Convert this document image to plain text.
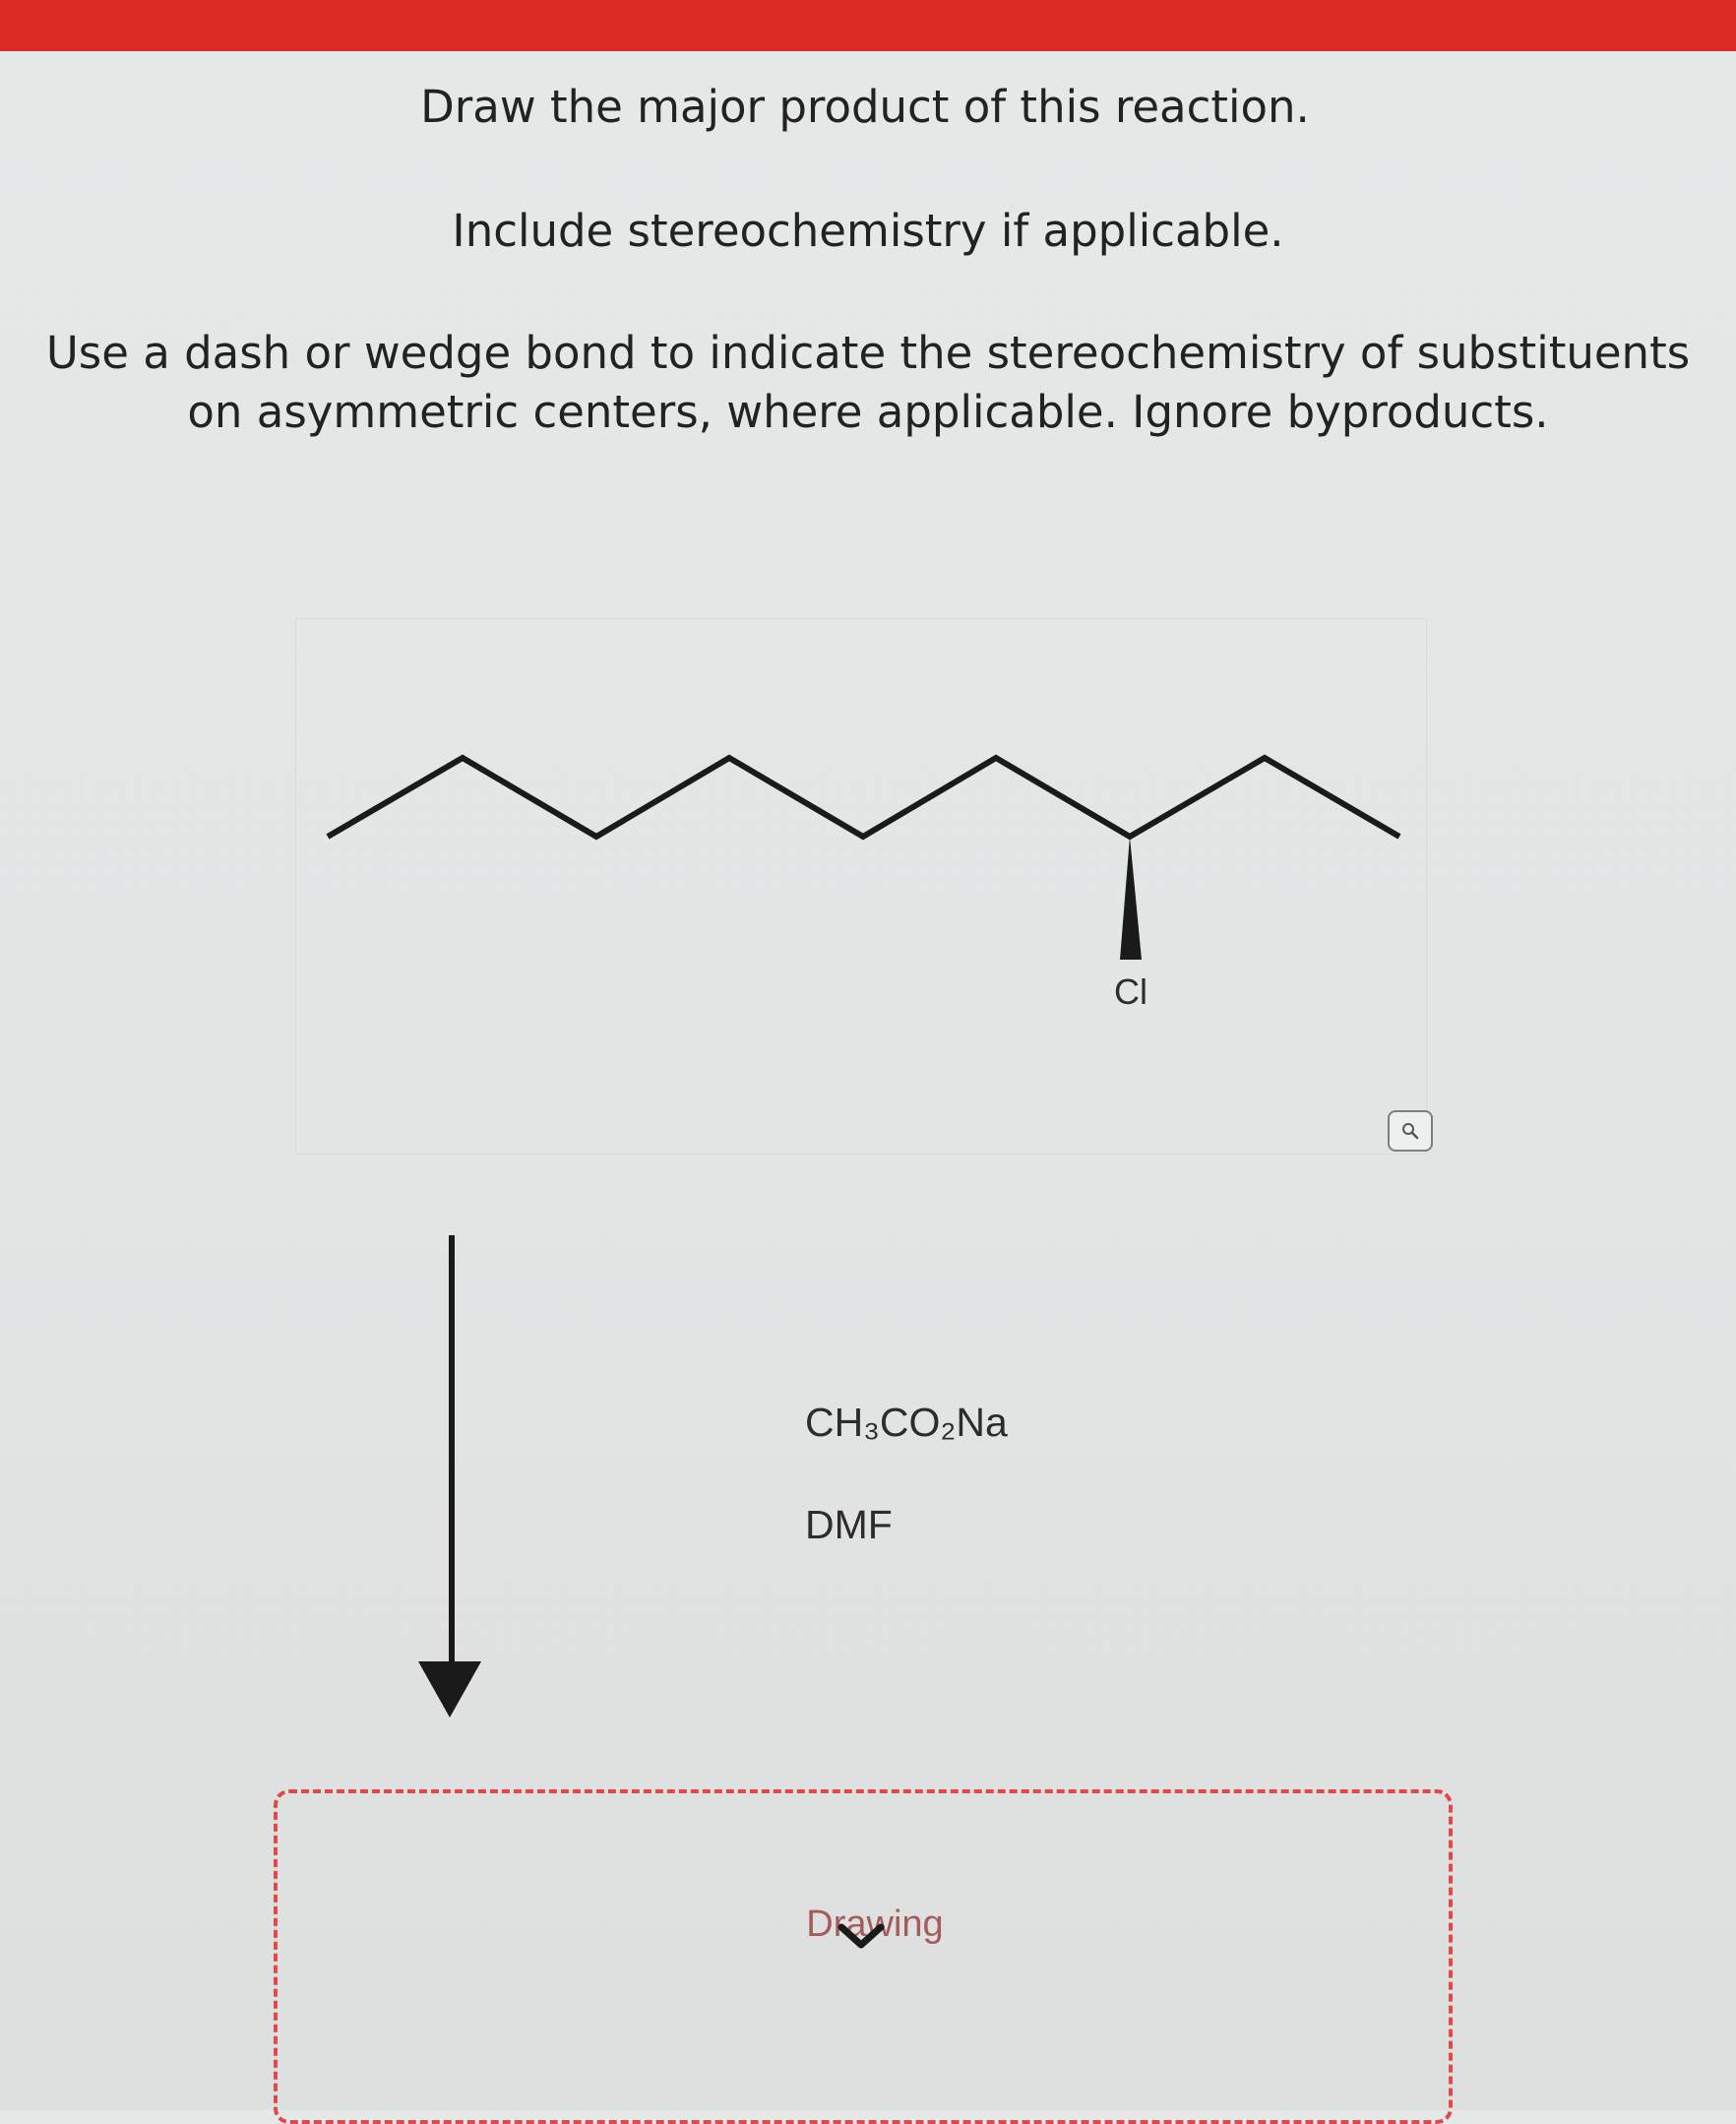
Draw the major product of this reaction.
Include stereochemistry if applicable.
Use a dash or wedge bond to indicate the stereochemistry of substituents
on asymmetric centers, where applicable. Ignore byproducts.
Cl
CH₃CO₂Na
DMF
Drawing
